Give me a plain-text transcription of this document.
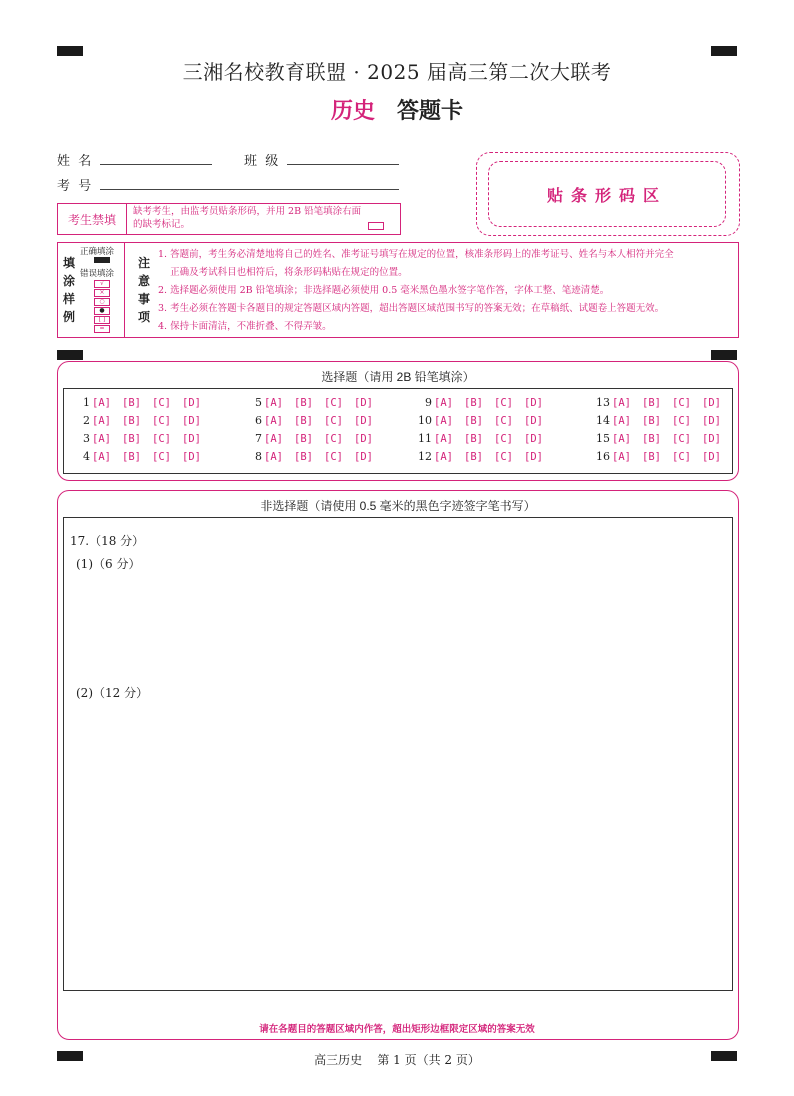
三湘名校教育联盟 · 2025 届高三第二次大联考
历史 答题卡
姓  名	班  级
考  号	贴条形码区
考生禁填
缺考考生，由监考员贴条形码，并用 2B 铅笔填涂右面的缺考标记。
填
涂
样
例
正确填涂
错误填涂
√
×
○
●
[ ]
=
注
意
事
项
1. 答题前，考生务必清楚地将自己的姓名、准考证号填写在规定的位置，核准条形码上的准考证号、姓名与本人相符并完全
正确及考试科目也相符后，将条形码粘贴在规定的位置。
2. 选择题必须使用 2B 铅笔填涂；非选择题必须使用 0.5 毫米黑色墨水签字笔作答，字体工整、笔迹清楚。
3. 考生必须在答题卡各题目的规定答题区域内答题，超出答题区域范围书写的答案无效；在草稿纸、试题卷上答题无效。
4. 保持卡面清洁，不准折叠、不得弄皱。
选择题（请用 2B 铅笔填涂）
1 [A] [B] [C] [D]
2 [A] [B] [C] [D]
3 [A] [B] [C] [D]
4 [A] [B] [C] [D]
5 [A] [B] [C] [D]
6 [A] [B] [C] [D]
7 [A] [B] [C] [D]
8 [A] [B] [C] [D]
9 [A] [B] [C] [D]
10 [A] [B] [C] [D]
11 [A] [B] [C] [D]
12 [A] [B] [C] [D]
13 [A] [B] [C] [D]
14 [A] [B] [C] [D]
15 [A] [B] [C] [D]
16 [A] [B] [C] [D]
非选择题（请使用 0.5 毫米的黑色字迹签字笔书写）
17.（18 分）
(1)（6 分）
(2)（12 分）
请在各题目的答题区域内作答，超出矩形边框限定区域的答案无效
高三历史    第 1 页（共 2 页）
